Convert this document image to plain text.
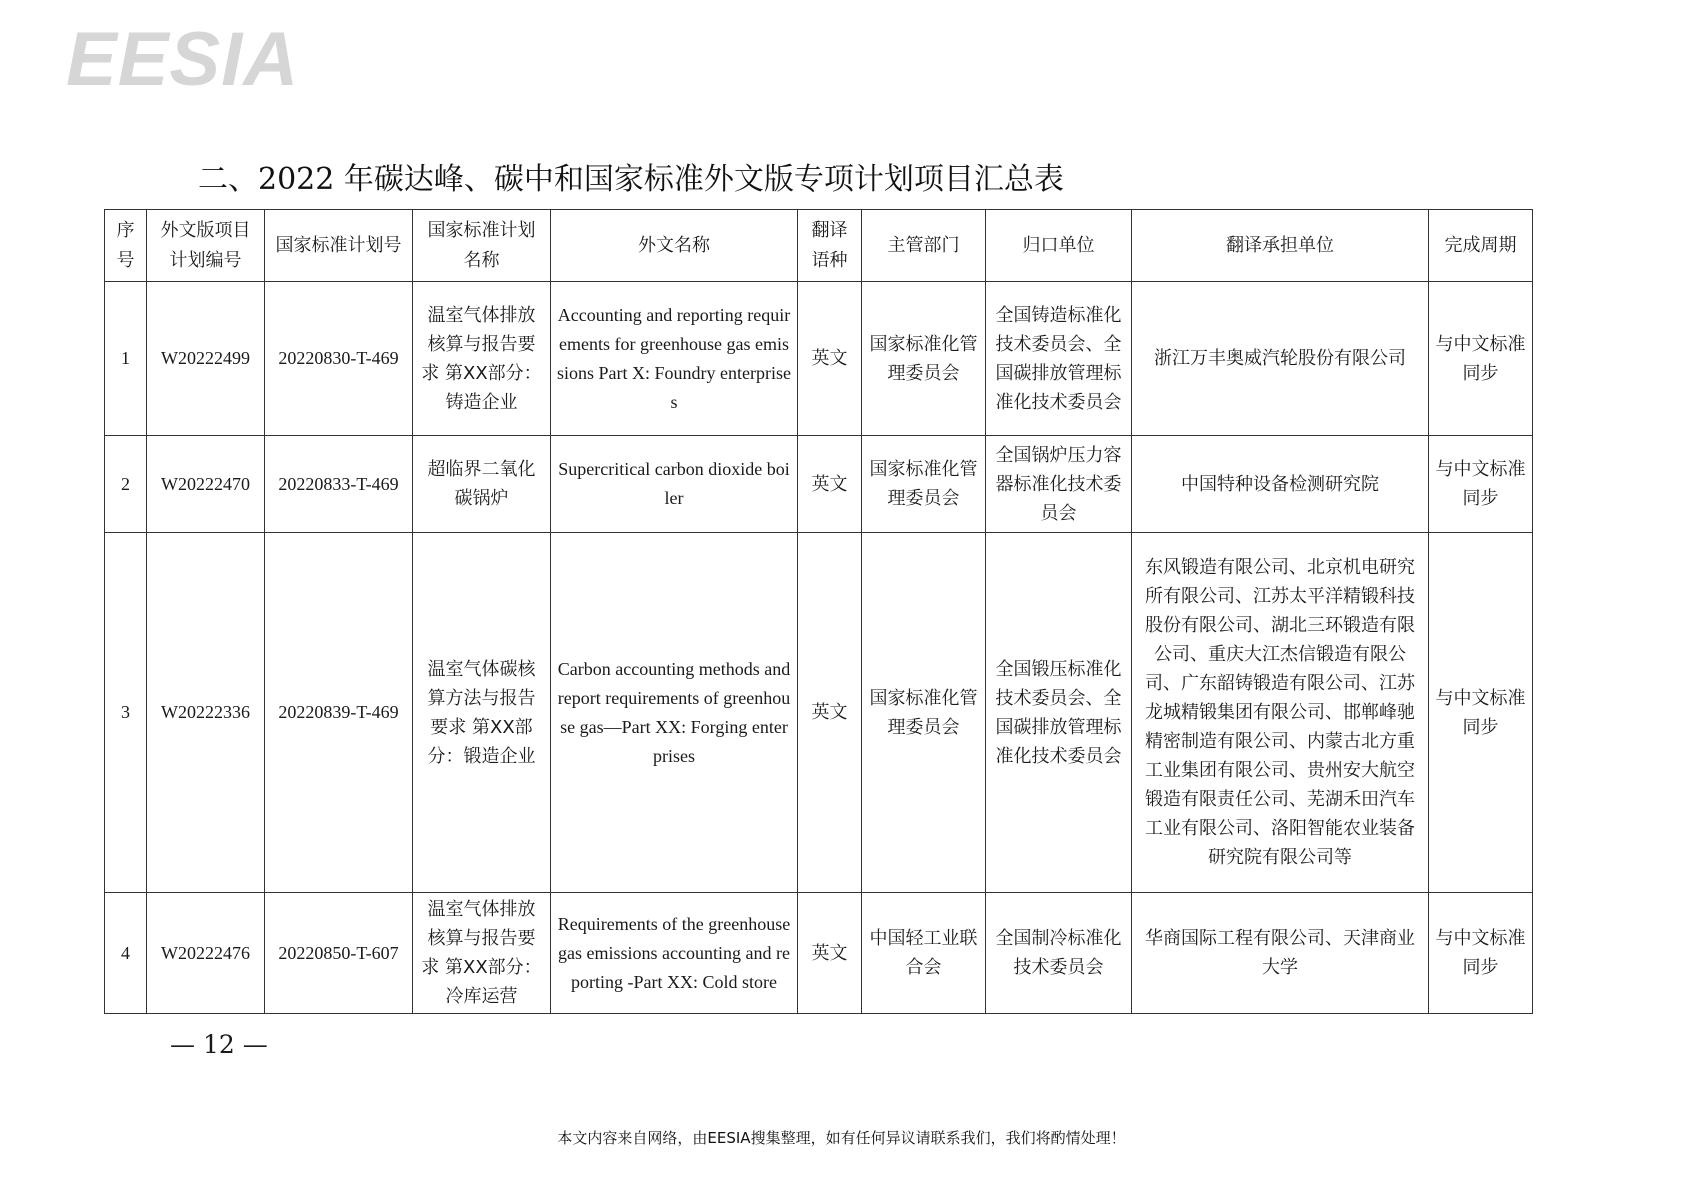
EESIA
二、2022 年碳达峰、碳中和国家标准外文版专项计划项目汇总表
序号	外文版项目计划编号	国家标准计划号	国家标准计划名称	外文名称	翻译语种	主管部门	归口单位	翻译承担单位	完成周期
1	W20222499	20220830-T-469	温室气体排放核算与报告要求 第XX部分：铸造企业	Accounting and reporting requirements for greenhouse gas emissions Part X: Foundry enterprises	英文	国家标准化管理委员会	全国铸造标准化技术委员会、全国碳排放管理标准化技术委员会	浙江万丰奥威汽轮股份有限公司	与中文标准同步
2	W20222470	20220833-T-469	超临界二氧化碳锅炉	Supercritical carbon dioxide boiler	英文	国家标准化管理委员会	全国锅炉压力容器标准化技术委员会	中国特种设备检测研究院	与中文标准同步
3	W20222336	20220839-T-469	温室气体碳核算方法与报告要求 第XX部分：锻造企业	Carbon accounting methods and report requirements of greenhouse gas—Part XX: Forging enterprises	英文	国家标准化管理委员会	全国锻压标准化技术委员会、全国碳排放管理标准化技术委员会	东风锻造有限公司、北京机电研究所有限公司、江苏太平洋精锻科技股份有限公司、湖北三环锻造有限公司、重庆大江杰信锻造有限公司、广东韶铸锻造有限公司、江苏龙城精锻集团有限公司、邯郸峰驰精密制造有限公司、内蒙古北方重工业集团有限公司、贵州安大航空锻造有限责任公司、芜湖禾田汽车工业有限公司、洛阳智能农业装备研究院有限公司等	与中文标准同步
4	W20222476	20220850-T-607	温室气体排放核算与报告要求 第XX部分：冷库运营	Requirements of the greenhouse gas emissions accounting and reporting -Part XX: Cold store	英文	中国轻工业联合会	全国制冷标准化技术委员会	华商国际工程有限公司、天津商业大学	与中文标准同步
— 12 —
本文内容来自网络，由EESIA搜集整理，如有任何异议请联系我们，我们将酌情处理！
